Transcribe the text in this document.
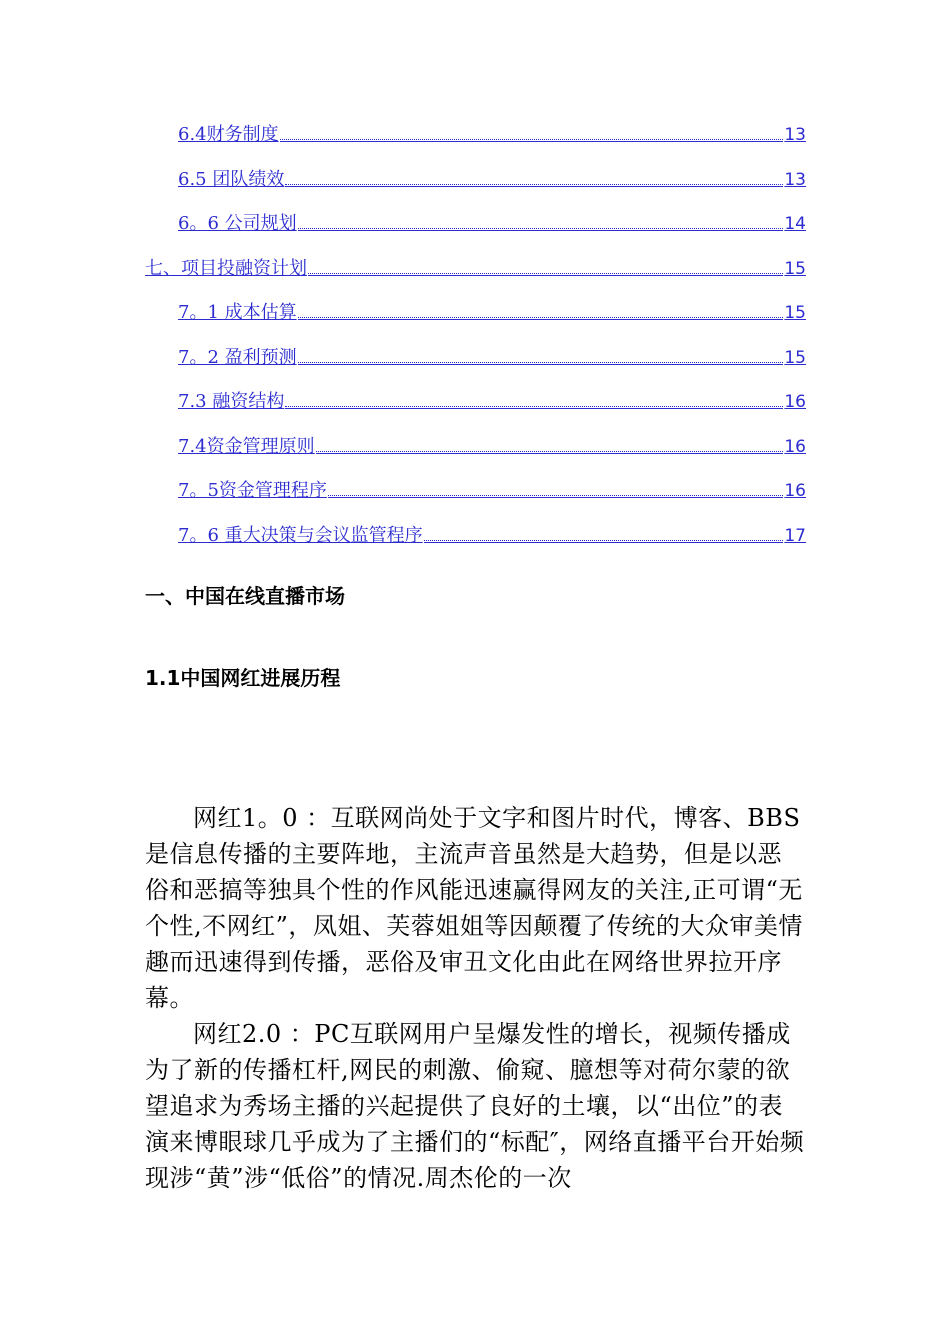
6.4财务制度	13
6.5 团队绩效	13
6。6 公司规划	14
七、项目投融资计划	15
7。1 成本估算	15
7。2 盈利预测	15
7.3 融资结构	16
7.4资金管理原则	16
7。5资金管理程序	16
7。6 重大决策与会议监管程序	17
一、中国在线直播市场
1.1中国网红进展历程

网红1。0 ：互联网尚处于文字和图片时代，博客、BBS是信息传播的主要阵地，主流声音虽然是大趋势，但是以恶俗和恶搞等独具个性的作风能迅速赢得网友的关注,正可谓“无个性,不网红”，凤姐、芙蓉姐姐等因颠覆了传统的大众审美情趣而迅速得到传播，恶俗及审丑文化由此在网络世界拉开序幕。

网红2.0 ：PC互联网用户呈爆发性的增长，视频传播成为了新的传播杠杆,网民的刺激、偷窥、臆想等对荷尔蒙的欲望追求为秀场主播的兴起提供了良好的土壤，以“出位”的表演来博眼球几乎成为了主播们的“标配″，网络直播平台开始频现涉“黄”涉“低俗”的情况.周杰伦的一次
